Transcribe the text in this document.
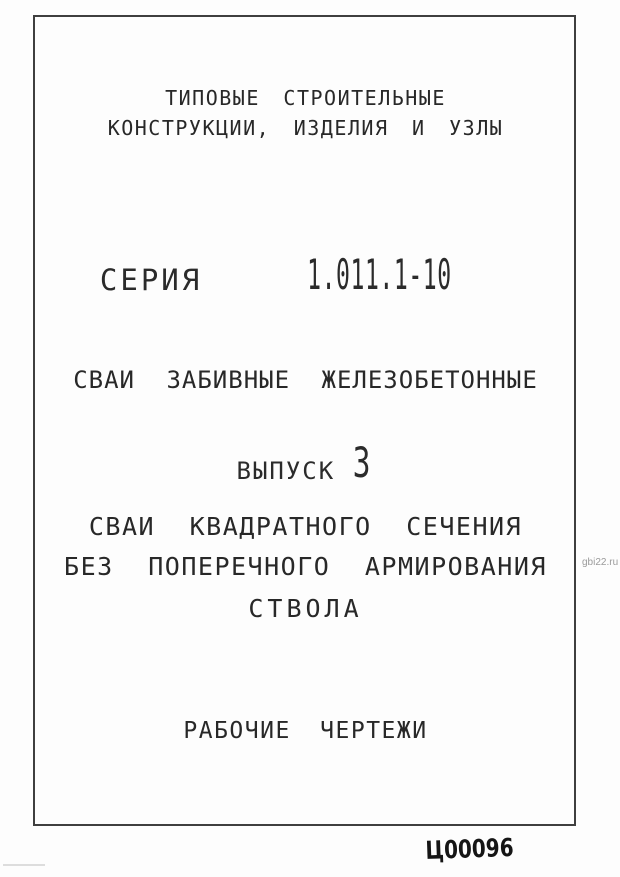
ТИПОВЫЕ СТРОИТЕЛЬНЫЕ
КОНСТРУКЦИИ, ИЗДЕЛИЯ И УЗЛЫ
СЕРИЯ	1.011.1-10
СВАИ ЗАБИВНЫЕ ЖЕЛЕЗОБЕТОННЫЕ
ВЫПУСК 3
СВАИ КВАДРАТНОГО СЕЧЕНИЯ
БЕЗ ПОПЕРЕЧНОГО АРМИРОВАНИЯ
СТВОЛА
РАБОЧИЕ ЧЕРТЕЖИ
gbi22.ru
Ц00096
